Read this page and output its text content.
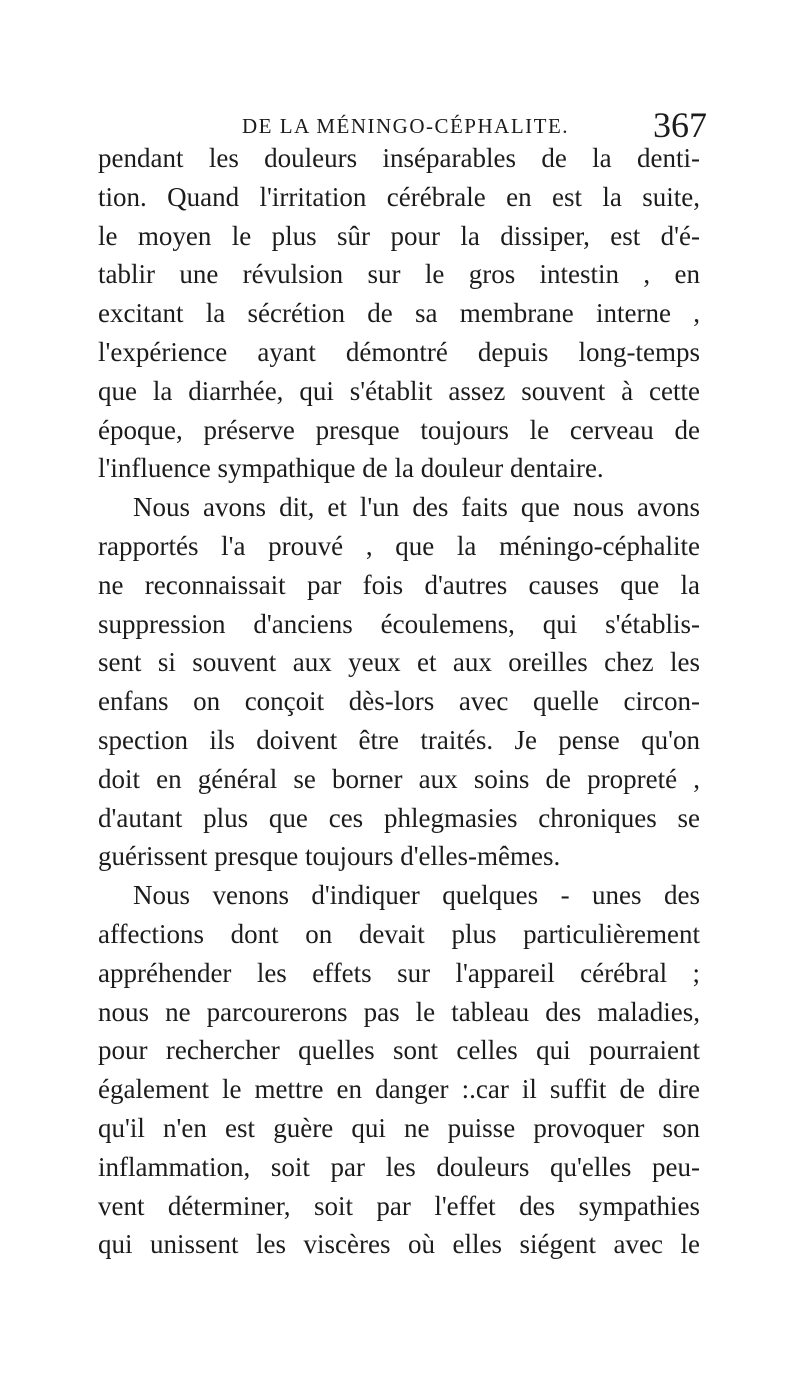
DE LA MÉNINGO-CÉPHALITE. 367
pendant les douleurs inséparables de la denti-
tion. Quand l'irritation cérébrale en est la suite,
le moyen le plus sûr pour la dissiper, est d'é-
tablir une révulsion sur le gros intestin , en
excitant la sécrétion de sa membrane interne ,
l'expérience ayant démontré depuis long-temps
que la diarrhée, qui s'établit assez souvent à cette
époque, préserve presque toujours le cerveau de
l'influence sympathique de la douleur dentaire.
Nous avons dit, et l'un des faits que nous avons
rapportés l'a prouvé , que la méningo-céphalite
ne reconnaissait par fois d'autres causes que la
suppression d'anciens écoulemens, qui s'établis-
sent si souvent aux yeux et aux oreilles chez les
enfans on conçoit dès-lors avec quelle circon-
spection ils doivent être traités. Je pense qu'on
doit en général se borner aux soins de propreté ,
d'autant plus que ces phlegmasies chroniques se
guérissent presque toujours d'elles-mêmes.
Nous venons d'indiquer quelques - unes des
affections dont on devait plus particulièrement
appréhender les effets sur l'appareil cérébral ;
nous ne parcourerons pas le tableau des maladies,
pour rechercher quelles sont celles qui pourraient
également le mettre en danger :.car il suffit de dire
qu'il n'en est guère qui ne puisse provoquer son
inflammation, soit par les douleurs qu'elles peu-
vent déterminer, soit par l'effet des sympathies
qui unissent les viscères où elles siégent avec le
